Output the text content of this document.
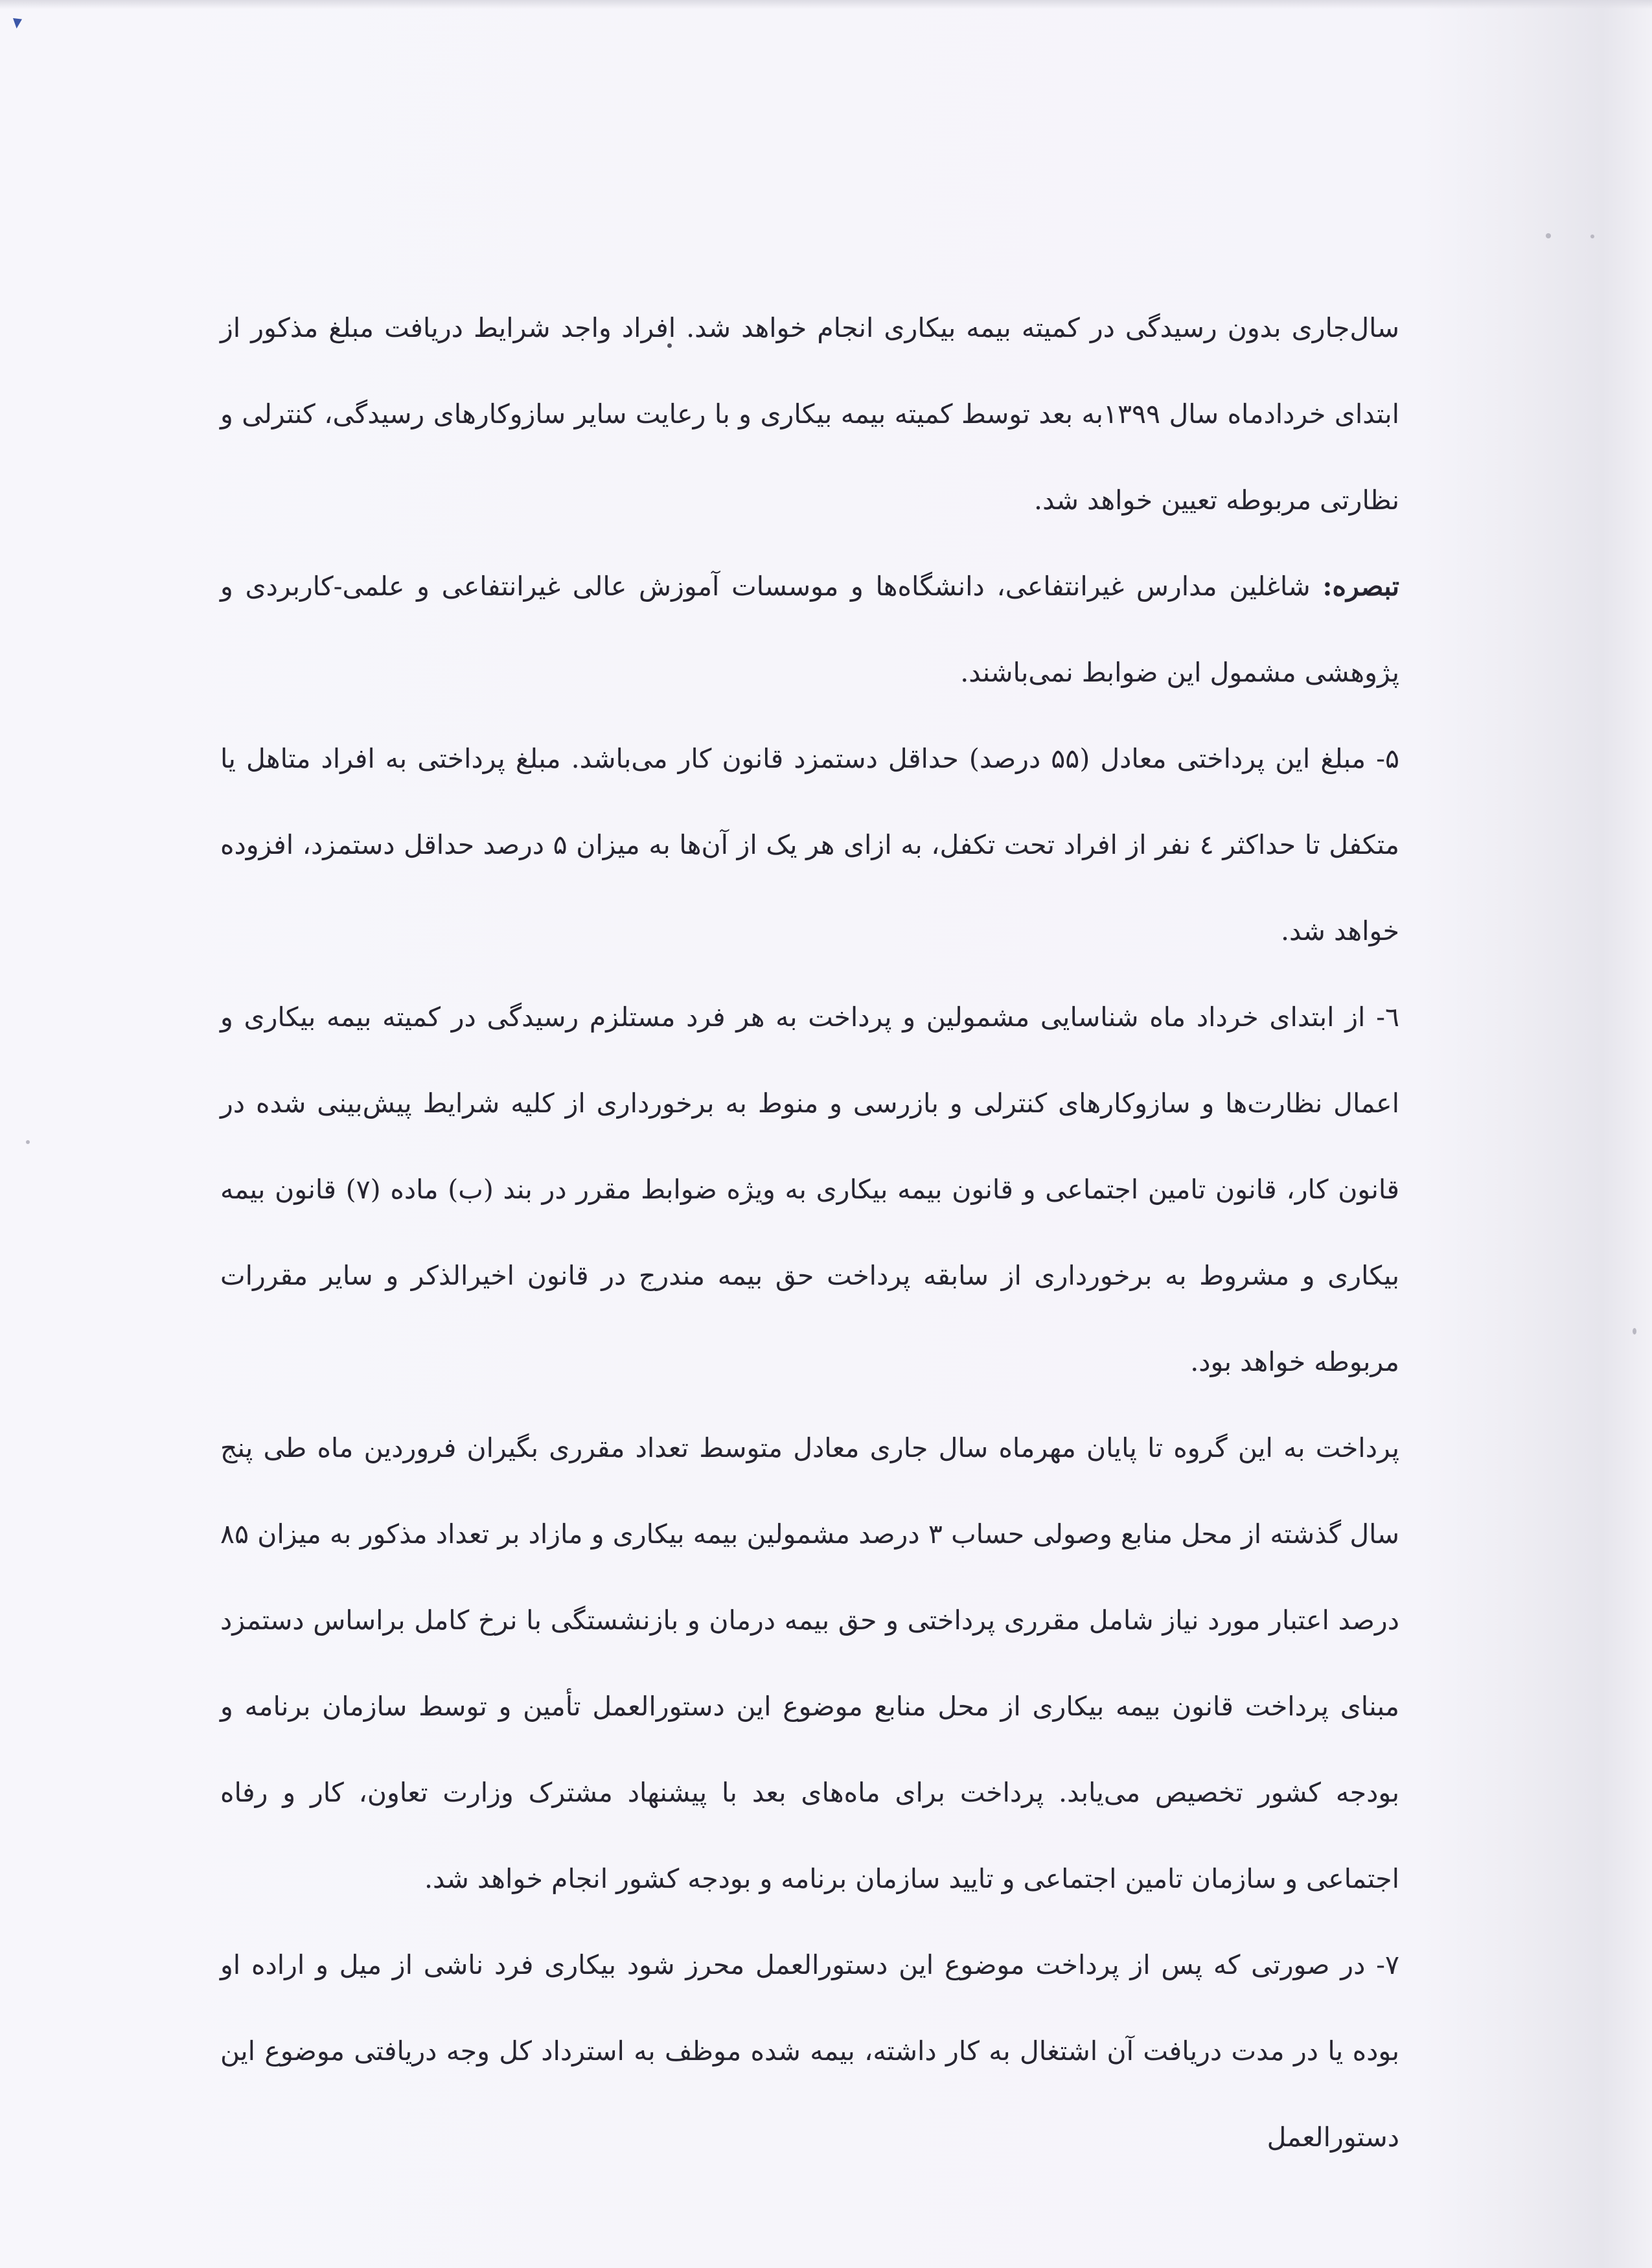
سال‌جاری بدون رسیدگی در کمیته بیمه بیکاری انجام خواهد شد. افراد واجد شرایط دریافت مبلغ مذکور از ابتدای خردادماه سال ۱۳۹۹به بعد توسط کمیته بیمه بیکاری و با رعایت سایر سازوکارهای رسیدگی، کنترلی و نظارتی مربوطه تعیین خواهد شد.

تبصره: شاغلین مدارس غیرانتفاعی، دانشگاه‌ها و موسسات آموزش عالی غیرانتفاعی و علمی-کاربردی و پژوهشی مشمول این ضوابط نمی‌باشند.

۵- مبلغ این پرداختی معادل (۵۵ درصد) حداقل دستمزد قانون کار می‌باشد. مبلغ پرداختی به افراد متاهل یا متکفل تا حداکثر ٤ نفر از افراد تحت تکفل، به ازای هر یک از آن‌ها به میزان ۵ درصد حداقل دستمزد، افزوده خواهد شد.

٦- از ابتدای خرداد ماه شناسایی مشمولین و پرداخت به هر فرد مستلزم رسیدگی در کمیته بیمه بیکاری و اعمال نظارت‌ها و سازوکارهای کنترلی و بازرسی و منوط به برخورداری از کلیه شرایط پیش‌بینی شده در قانون کار، قانون تامین اجتماعی و قانون بیمه بیکاری به ویژه ضوابط مقرر در بند (ب) ماده (۷) قانون بیمه بیکاری و مشروط به برخورداری از سابقه پرداخت حق بیمه مندرج در قانون اخیرالذکر و سایر مقررات مربوطه خواهد بود.

پرداخت به این گروه تا پایان مهرماه سال جاری معادل متوسط تعداد مقرری بگیران فروردین ماه طی پنج سال گذشته از محل منابع وصولی حساب ۳ درصد مشمولین بیمه بیکاری و مازاد بر تعداد مذکور به میزان ۸۵ درصد اعتبار مورد نیاز شامل مقرری پرداختی و حق بیمه درمان و بازنشستگی با نرخ کامل براساس دستمزد مبنای پرداخت قانون بیمه بیکاری از محل منابع موضوع این دستورالعمل تأمین و توسط سازمان برنامه و بودجه کشور تخصیص می‌یابد. پرداخت برای ماه‌های بعد با پیشنهاد مشترک وزارت تعاون، کار و رفاه اجتماعی و سازمان تامین اجتماعی و تایید سازمان برنامه و بودجه کشور انجام خواهد شد.

۷- در صورتی که پس از پرداخت موضوع این دستورالعمل محرز شود بیکاری فرد ناشی از میل و اراده او بوده یا در مدت دریافت آن اشتغال به کار داشته، بیمه شده موظف به استرداد کل وجه دریافتی موضوع این دستورالعمل
